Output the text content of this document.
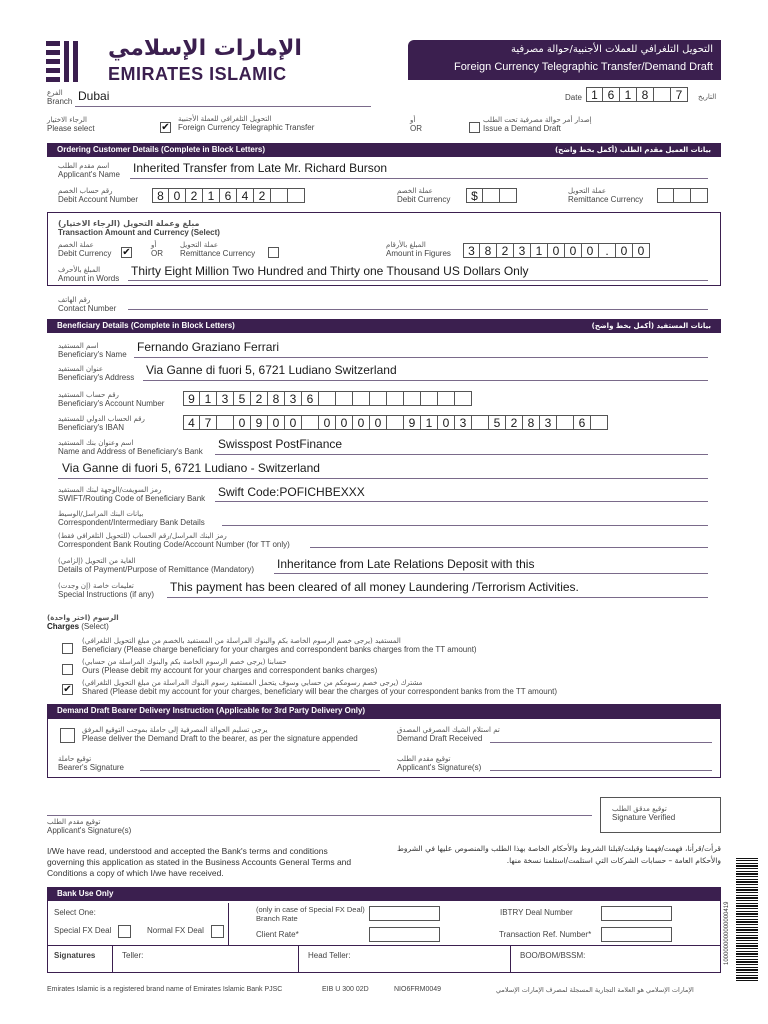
الإمارات الإسلامي
EMIRATES ISLAMIC
التحويل التلغرافي للعملات الأجنبية/حوالة مصرفية
Foreign Currency Telegraphic Transfer/Demand Draft
الفرع
Branch Dubai	Date 1 6 1 8	7	التاريخ
الرجاء الاختيار
Please select	✔
التحويل التلغرافي للعملة الأجنبية
Foreign Currency Telegraphic Transfer
أو
OR
إصدار أمر حوالة مصرفية تحت الطلب
Issue a Demand Draft
Ordering Customer Details (Complete in Block Letters)	بيانات العميل مقدم الطلب (أكمل بخط واضح)
اسم مقدم الطلب
Applicant's Name Inherited Transfer from Late Mr. Richard Burson
رقم حساب الخصم
Debit Account Number	8 0 2 1 6 4 2	عملة الخصم
Debit Currency	$	عملة التحويل
Remittance Currency
مبلغ وعملة التحويل (الرجاء الاختيار)
Transaction Amount and Currency (Select)
عملة الخصم
Debit Currency ✔
أو
OR
عملة التحويل
Remittance Currency
المبلغ بالأرقام
Amount in Figures	3 8 2 3 1 0 0 0 . 0 0
المبلغ بالأحرف
Amount in Words
Thirty Eight Million Two Hundred and Thirty one Thousand US Dollars Only
رقم الهاتف
Contact Number
Beneficiary Details (Complete in Block Letters)	بيانات المستفيد (أكمل بخط واضح)
اسم المستفيد
Beneficiary's Name
Fernando Graziano Ferrari
عنوان المستفيد
Beneficiary's Address
Via Ganne di fuori 5, 6721 Ludiano Switzerland
رقم حساب المستفيد
Beneficiary's Account Number	9 1 3 5 2 8 3 6
رقم الحساب الدولي للمستفيد
Beneficiary's IBAN	4 7	0 9 0 0	0 0 0 0	9 1 0 3	5 2 8 3	6
اسم وعنوان بنك المستفيد
Name and Address of Beneficiary's Bank
Swisspost PostFinance
Via Ganne di fuori 5, 6721 Ludiano - Switzerland
رمز السويفت/الوجهة لبنك المستفيد
SWIFT/Routing Code of Beneficiary Bank Swift Code:POFICHBEXXX
بيانات البنك المراسل/الوسيط
Correspondent/Intermediary Bank Details
رمز البنك المراسل/رقم الحساب (للتحويل التلغرافي فقط)
Correspondent Bank Routing Code/Account Number (for TT only)
الغاية من التحويل (إلزامي)
Details of Payment/Purpose of Remittance (Mandatory) Inheritance from Late Relations Deposit with this
تعليمات خاصة (إن وجدت)
Special Instructions (if any)
This payment has been cleared of all money Laundering /Terrorism Activities.
الرسوم (اختر واحدة)
Charges (Select)
المستفيد (يرجى خصم الرسوم الخاصة بكم والبنوك المراسلة من المستفيد بالخصم من مبلغ التحويل التلغرافي)
Beneficiary (Please charge beneficiary for your charges and correspondent banks charges from the TT amount)
حسابنا (يرجى خصم الرسوم الخاصة بكم والبنوك المراسلة من حسابي)
Ours (Please debit my account for your charges and correspondent banks charges)
✔
مشترك (يرجى خصم رسومكم من حسابي وسوف يتحمل المستفيد رسوم البنوك المراسلة من مبلغ التحويل التلغرافي)
Shared (Please debit my account for your charges, beneficiary will bear the charges of your correspondent banks from the TT amount)
Demand Draft Bearer Delivery Instruction (Applicable for 3rd Party Delivery Only)
يرجى تسليم الحوالة المصرفية إلى حاملة بموجب التوقيع المرفق
Please deliver the Demand Draft to the bearer, as per the signature appended
تم استلام الشيك المصرفي المصدق
Demand Draft Received
توقيع حاملة
Bearer's Signature
توقيع مقدم الطلب
Applicant's Signature(s)
توقيع مقدم الطلب
Applicant's Signature(s)
توقيع مدقق الطلب
Signature Verified
I/We have read, understood and accepted the Bank's terms and conditions governing this application as stated in the Business Accounts General Terms and Conditions a copy of which I/we have received.
قرأت/قرأنا، فهمت/فهمنا وقبلت/قبلنا الشروط والأحكام الخاصة بهذا الطلب والمنصوص عليها في الشروط والأحكام العامة – حسابات الشركات التي استلمت/استلمنا نسخة منها.
Bank Use Only
Select One:
Special FX Deal	Normal FX Deal
(only in case of Special FX Deal)
Branch Rate
Client Rate*
IBTRY Deal Number
Transaction Ref. Number*
Signatures	Teller:	Head Teller:	BOO/BOM/BSSM:	1000000000000000419
Emirates Islamic is a registered brand name of Emirates Islamic Bank PJSC	EIB U 300 02D	NIO6FRM0049	الإمارات الإسلامي هو العلامة التجارية المسجلة لمصرف الإمارات الإسلامي
